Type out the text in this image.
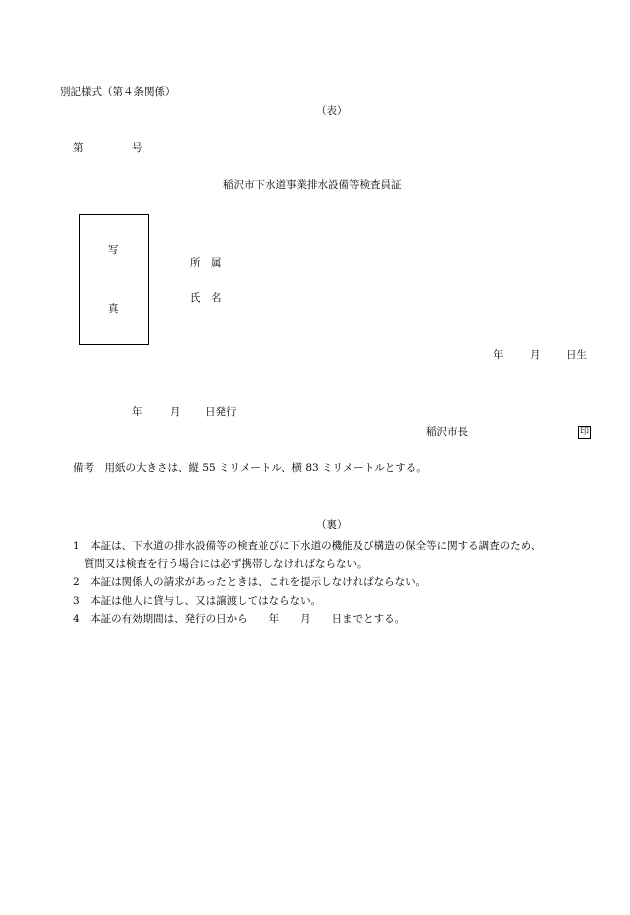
別記様式（第４条関係）
（表）
第	号
稲沢市下水道事業排水設備等検査員証
写
真
所　属
氏　名
年	月 日生
年	月 日発行
稲沢市長	印
備考　用紙の大きさは、縦 55 ミリメートル、横 83 ミリメートルとする。
（裏）
1　本証は、下水道の排水設備等の検査並びに下水道の機能及び構造の保全等に関する調査のため、
質問又は検査を行う場合には必ず携帯しなければならない。
2　本証は関係人の請求があったときは、これを提示しなければならない。
3　本証は他人に貸与し、又は譲渡してはならない。
4　本証の有効期間は、発行の日から　　年　　月　　日までとする。
